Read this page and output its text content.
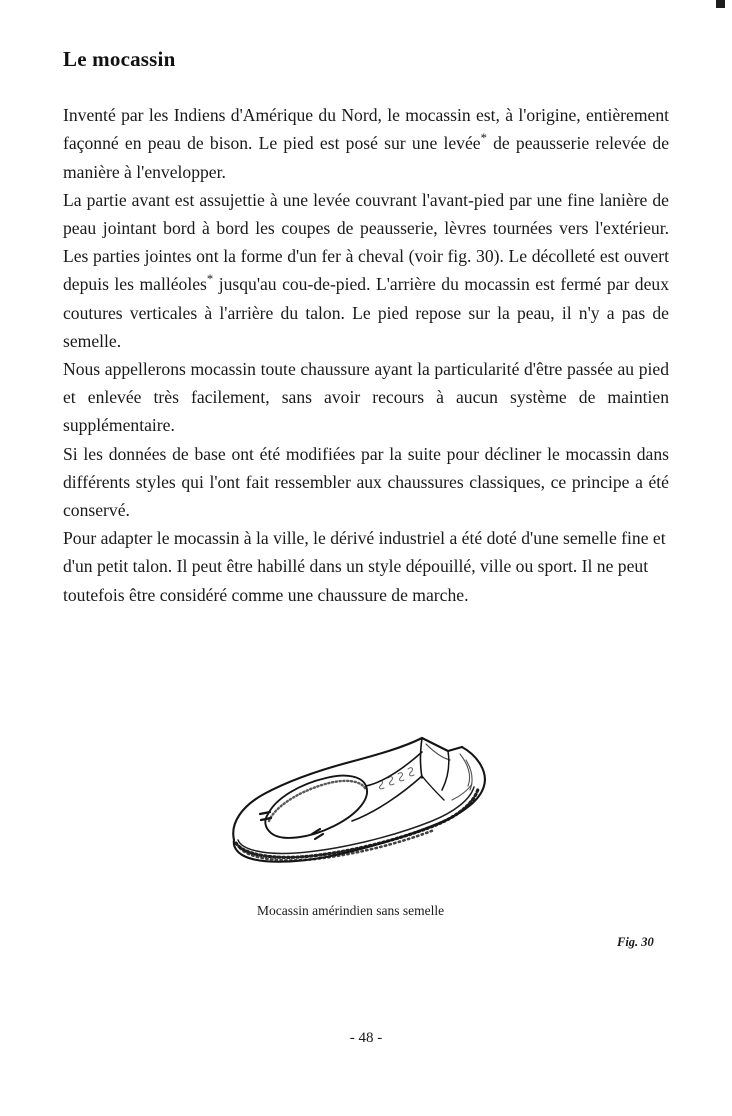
Le mocassin

Inventé par les Indiens d'Amérique du Nord, le mocassin est, à l'origine, entièrement façonné en peau de bison. Le pied est posé sur une levée* de peausserie relevée de manière à l'envelopper.

La partie avant est assujettie à une levée couvrant l'avant-pied par une fine lanière de peau jointant bord à bord les coupes de peausserie, lèvres tournées vers l'extérieur. Les parties jointes ont la forme d'un fer à cheval (voir fig. 30). Le décolleté est ouvert depuis les malléoles* jusqu'au cou-de-pied. L'arrière du mocassin est fermé par deux coutures verticales à l'arrière du talon. Le pied repose sur la peau, il n'y a pas de semelle.

Nous appellerons mocassin toute chaussure ayant la particularité d'être passée au pied et enlevée très facilement, sans avoir recours à aucun système de maintien supplémentaire.

Si les données de base ont été modifiées par la suite pour décliner le mocassin dans différents styles qui l'ont fait ressembler aux chaussures classiques, ce principe a été conservé.

Pour adapter le mocassin à la ville, le dérivé industriel a été doté d'une semelle fine et d'un petit talon. Il peut être habillé dans un style dépouillé, ville ou sport. Il ne peut toutefois être considéré comme une chaussure de marche.

Mocassin amérindien sans semelle
Fig. 30
- 48 -
